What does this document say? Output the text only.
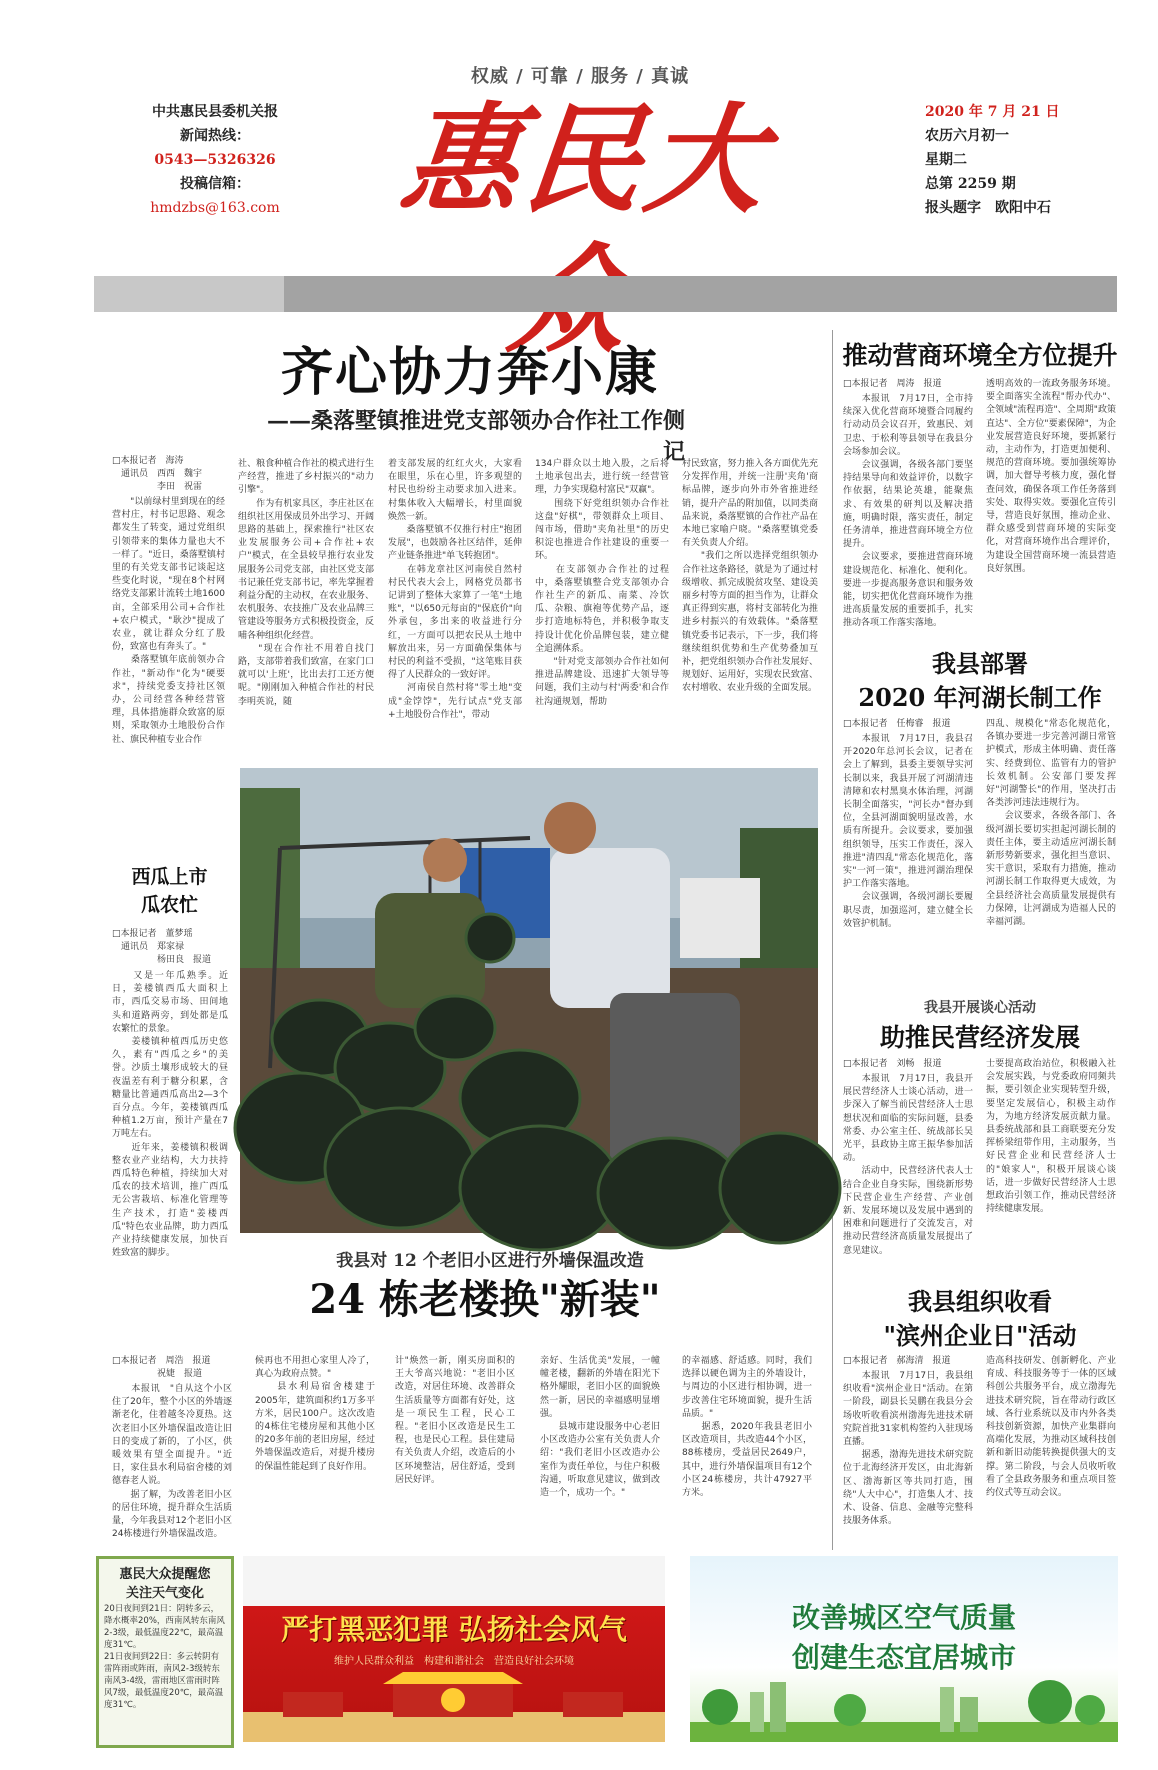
权威 / 可靠 / 服务 / 真诚
中共惠民县委机关报
新闻热线：
0543—5326326
投稿信箱：
hmdzbs@163.com 惠民大众
2020 年 7 月 21 日
农历六月初一
星期二
总第 2259 期
报头题字　欧阳中石
齐心协力奔小康
——桑落墅镇推进党支部领办合作社工作侧记
□本报记者　海涛
　通讯员　西西　魏宇
　　　　　李田　祝雷
　　"以前绿村里到现在的经营村庄，村书记思路、观念都发生了转变，通过党组织引领带来的集体力量也大不一样了。"近日，桑落墅镇村里的有关党支部书记谈起这些变化时说，"现在8个村网络党支部累计流转土地1600亩，全部采用公司+合作社+农户模式，"耿沙"提成了农业，就让群众分红了股份，致富也有奔头了。"
　　桑落墅镇年底前领办合作社，"新动作"化为"硬要求"，持续党委支持社区领办，公司经营各种经营管理，具体措施群众致富的原则，采取领办土地股份合作社、旗民种植专业合作
社、粮食种植合作社的模式进行生产经营，推进了乡村振兴的"动力引擎"。
　　作为有机家具区，李庄社区在组织社区用保成员外出学习、开阔思路的基础上，探索推行"社区农业发展服务公司+合作社+农户"模式，在全县较早推行农业发展服务公司党支部，由社区党支部书记兼任党支部书记，率先掌握着利益分配的主动权，在农业服务、农机服务、农技推广及农业品牌三管建设等服务方式积极投资金，反哺各种组织化经营。
　　"现在合作社不用着自找门路，支部带着我们致富，在家门口就可以'上班'，比出去打工还方便呢。"刚刚加入种植合作社的村民李明英说，随
着支部发展的红红火火，大家看在眼里，乐在心里，许多观望的村民也纷纷主动要求加入进来。村集体收入大幅增长，村里面貌焕然一新。
　　桑落墅镇不仅推行村庄"抱团发展"，也鼓励各社区结伴，延伸产业链条推进"单飞转抱团"。
　　在韩龙章社区河南侯自然村村民代表大会上，网格党员都书记讲到了整体大家算了一笔"土地账"，"以650元每亩的"保底价"向外承包，多出来的收益进行分红，一方面可以把农民从土地中解放出来，另一方面确保集体与村民的利益不受损，"这笔账目获得了人民群众的一致好评。
　　河南侯自然村将"零土地"变成"金饽饽"，先行试点"党支部+土地股份合作社"，带动
134户群众以土地入股，之后将土地承包出去，进行统一经营管理，力争实现稳村富民"双赢"。
　　围绕下好党组织领办合作社这盘"好棋"，带领群众上项目、闯市场，借助"夹角社里"的历史积淀也推进合作社建设的重要一环。
　　在支部领办合作社的过程中，桑落墅镇整合党支部领办合作社生产的新瓜、南菜、冷饮瓜、杂粮、旗袍等优势产品，逐步打造地标特色，并积极争取支持设计优化价品牌包装，建立健全追溯体系。
　　"针对党支部领办合作社如何推进品牌建设、迅速扩大领导等问题，我们主动与村'两委'和合作社沟通规划，帮助
村民致富，努力推入各方面优先充分发挥作用，并统一注册'夹角'商标品牌，逐步向外市外省推进经销，提升产品的附加值，以同类商品来说，桑落墅镇的合作社产品在本地已家喻户晓。"桑落墅镇党委有关负责人介绍。
　　"我们之所以选择党组织领办合作社这条路径，就是为了通过村级增收、抓完成脱贫攻坚、建设美丽乡村等方面的担当作为，让群众真正得到实惠，将村支部转化为推进乡村振兴的有效载体。"桑落墅镇党委书记表示，下一步，我们将继续组织优势和生产优势叠加互补，把党组织领办合作社发展好、规划好、运用好，实现农民致富、农村增收、农业升级的全面发展。
推动营商环境全方位提升
□本报记者　周涛　报道
　　本报讯　7月17日，全市持续深入优化营商环境暨合同履约行动动员会议召开，致惠民、刘卫忠、于松利等县领导在我县分会场参加会议。
　　会议强调，各级各部门要坚持结果导向和效益评价，以数字作依据，结果论英雄，能聚焦求、有效果的研判以及解决措施，明确时限，落实责任，制定任务清单，推进营商环境全方位提升。
　　会议要求，要推进营商环境建设规范化、标准化、便利化。要进一步提高服务意识和服务效能，切实把优化营商环境作为推进高质量发展的重要抓手，扎实推动各项工作落实落地。
透明高效的一流政务服务环境。要全面落实全流程"帮办代办"、全领域"流程再造"、全周期"政策直达"、全方位"要素保障"，为企业发展营造良好环境，要抓紧行动，主动作为，打造更加便利、规范的营商环境。要加强统筹协调，加大督导考核力度，强化督查问效，确保各项工作任务落到实处、取得实效。要强化宣传引导，营造良好氛围，推动企业、群众感受到营商环境的实际变化，对营商环境作出合理评价，为建设全国营商环境一流县营造良好氛围。
我县部署
2020 年河湖长制工作
□本报记者　任梅睿　报道
　　本报讯　7月17日，我县召开2020年总河长会议，记者在会上了解到，县委主要领导实河长制以来，我县开展了河湖清违清障和农村黑臭水体治理，河湖长制全面落实，"河长办"督办到位，全县河湖面貌明显改善，水质有所提升。会议要求，要加强组织领导，压实工作责任，深入推进"清四乱"常态化规范化，落实"一河一策"，推进河湖治理保护工作落实落地。
　　会议强调，各级河湖长要履职尽责，加强巡河，建立健全长效管护机制。
四乱、规模化"常态化规范化，各镇办要进一步完善河湖日常管护模式，形成主体明确、责任落实、经费到位、监管有力的管护长效机制。公安部门要发挥好"河湖警长"的作用，坚决打击各类涉河违法违规行为。
　　会议要求，各级各部门、各级河湖长要切实担起河湖长制的责任主体，要主动适应河湖长制新形势新要求，强化担当意识、实干意识，采取有力措施，推动河湖长制工作取得更大成效，为全县经济社会高质量发展提供有力保障，让河湖成为造福人民的幸福河湖。
我县开展谈心活动
助推民营经济发展
□本报记者　刘畅　报道
　　本报讯　7月17日，我县开展民营经济人士谈心活动，进一步深入了解当前民营经济人士思想状况和面临的实际问题，县委常委、办公室主任、统战部长吴光平，县政协主席王振华参加活动。
　　活动中，民营经济代表人士结合企业自身实际，围绕新形势下民营企业生产经营、产业创新、发展环境以及发展中遇到的困难和问题进行了交流发言，对推动民营经济高质量发展提出了意见建议。
士要提高政治站位，积极融入社会发展实践，与党委政府同频共振，要引领企业实现转型升级，要坚定发展信心，积极主动作为，为地方经济发展贡献力量。县委统战部和县工商联要充分发挥桥梁纽带作用，主动服务，当好民营企业和民营经济人士的"娘家人"，积极开展谈心谈话，进一步做好民营经济人士思想政治引领工作，推动民营经济持续健康发展。
我县组织收看
"滨州企业日"活动
□本报记者　郝海清　报道
　　本报讯　7月17日，我县组织收看"滨州企业日"活动。在第一阶段，副县长吴鹏在我县分会场收听收看滨州渤海先进技术研究院首批31家机构签约入驻现场直播。
　　据悉，渤海先进技术研究院位于北海经济开发区，由北海新区、渤海新区等共同打造，围绕"人大中心"，打造集人才、技术、设备、信息、金融等完整科技服务体系。
造高科技研发、创新孵化、产业育成、科技服务等于一体的区域科创公共服务平台，成立渤海先进技术研究院，旨在带动行政区域、各行业系统以及市内外各类科技创新资源，加快产业集群向高端化发展，为推动区域科技创新和新旧动能转换提供强大的支撑。第二阶段，与会人员收听收看了全县政务服务和重点项目签约仪式等互动会议。
西瓜上市
瓜农忙
□本报记者　董梦瑶
　通讯员　郑家禄
　　　　　杨田良　报道
　　又是一年瓜熟季。近日，姜楼镇西瓜大面积上市，西瓜交易市场、田间地头和道路两旁，到处都是瓜农繁忙的景象。
　　姜楼镇种植西瓜历史悠久，素有"西瓜之乡"的美誉。沙质土壤形成较大的昼夜温差有利于糖分积累，含糖量比普通西瓜高出2—3个百分点。今年，姜楼镇西瓜种植1.2万亩，预计产量在7万吨左右。
　　近年来，姜楼镇积极调整农业产业结构，大力扶持西瓜特色种植，持续加大对瓜农的技术培训，推广西瓜无公害栽培、标准化管理等生产技术，打造"姜楼西瓜"特色农业品牌，助力西瓜产业持续健康发展，加快百姓致富的脚步。	我县对 12 个老旧小区进行外墙保温改造
24 栋老楼换"新装"
□本报记者　周浩　报道
　　　　　祝婕　报道
　　本报讯　"自从这个小区住了20年，整个小区的外墙逐渐老化，住着越冬冷夏热。这次老旧小区外墙保温改造让旧日的变成了新的，了小区，供暖效果有望全面提升。"近日，家住县水利局宿舍楼的刘德春老人说。
　　据了解，为改善老旧小区的居住环境，提升群众生活质量，今年我县对12个老旧小区24栋楼进行外墙保温改造。
候再也不用担心家里人冷了，真心为政府点赞。"
　　县水利局宿舍楼建于2005年，建筑面积约1万多平方米，居民100户。这次改造的4栋住宅楼房屋和其他小区的20多年前的老旧房屋，经过外墙保温改造后，对提升楼房的保温性能起到了良好作用。
计"焕然一新，刚买房面积的王大爷高兴地说："老旧小区改造，对居住环境、改善群众生活质量等方面都有好处，这是一项民生工程，民心工程。"老旧小区改造是民生工程，也是民心工程。县住建局有关负责人介绍，改造后的小区环境整洁，居住舒适，受到居民好评。
亲好、生活优美"发展，一幢幢老楼，翻新的外墙在阳光下格外耀眼，老旧小区的面貌焕然一新，居民的幸福感明显增强。
　　县城市建设服务中心老旧小区改造办公室有关负责人介绍："我们老旧小区改造办公室作为责任单位，与住户积极沟通，听取意见建议，做到改造一个，成功一个。"
的幸福感、舒适感。同时，我们选择以硬色调为主的外墙设计，与周边的小区进行相协调，进一步改善住宅环境面貌，提升生活品质。"
　　据悉，2020年我县老旧小区改造项目，共改造44个小区，88栋楼房，受益居民2649户，其中，进行外墙保温项目有12个小区24栋楼房，共计47927平方米。
惠民大众提醒您
关注天气变化
20日夜间到21日：阴转多云，降水概率20%，西南风转东南风2-3级，最低温度22℃，最高温度31℃。
21日夜间到22日：多云转阴有雷阵雨或阵雨，南风2-3级转东南风3-4级，雷雨地区雷雨时阵风7级，最低温度20℃，最高温度31℃。
严打黑恶犯罪 弘扬社会风气
维护人民群众利益　构建和谐社会　营造良好社会环境
改善城区空气质量
创建生态宜居城市
